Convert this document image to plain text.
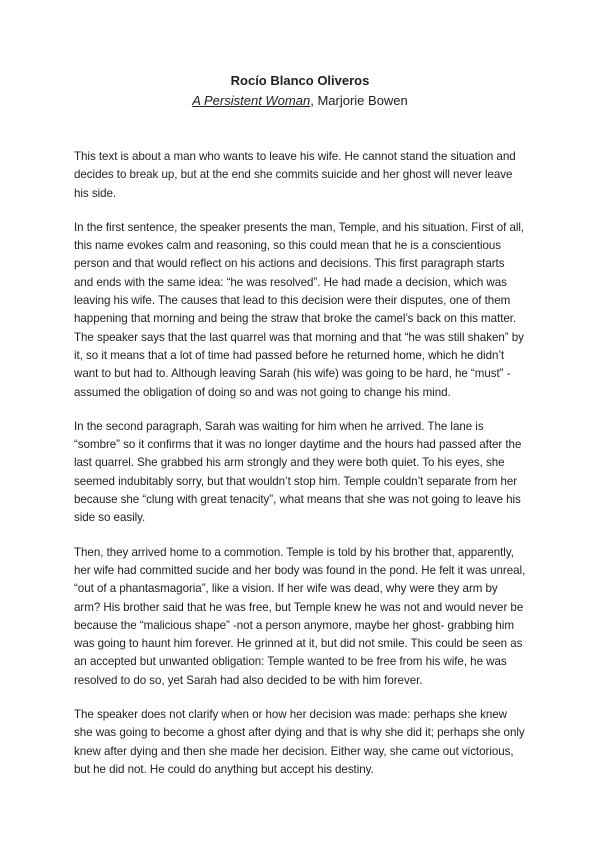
Rocío Blanco Oliveros
A Persistent Woman, Marjorie Bowen

This text is about a man who wants to leave his wife. He cannot stand the situation and decides to break up, but at the end she commits suicide and her ghost will never leave his side.

In the first sentence, the speaker presents the man, Temple, and his situation. First of all, this name evokes calm and reasoning, so this could mean that he is a conscientious person and that would reflect on his actions and decisions. This first paragraph starts and ends with the same idea: “he was resolved”. He had made a decision, which was leaving his wife. The causes that lead to this decision were their disputes, one of them happening that morning and being the straw that broke the camel’s back on this matter. The speaker says that the last quarrel was that morning and that “he was still shaken” by it, so it means that a lot of time had passed before he returned home, which he didn’t want to but had to. Although leaving Sarah (his wife) was going to be hard, he “must” - assumed the obligation of doing so and was not going to change his mind.

In the second paragraph, Sarah was waiting for him when he arrived. The lane is “sombre” so it confirms that it was no longer daytime and the hours had passed after the last quarrel. She grabbed his arm strongly and they were both quiet. To his eyes, she seemed indubitably sorry, but that wouldn’t stop him. Temple couldn’t separate from her because she “clung with great tenacity”, what means that she was not going to leave his side so easily.

Then, they arrived home to a commotion. Temple is told by his brother that, apparently, her wife had committed sucide and her body was found in the pond. He felt it was unreal, “out of a phantasmagoria”, like a vision. If her wife was dead, why were they arm by arm? His brother said that he was free, but Temple knew he was not and would never be because the “malicious shape” -not a person anymore, maybe her ghost- grabbing him was going to haunt him forever. He grinned at it, but did not smile. This could be seen as an accepted but unwanted obligation: Temple wanted to be free from his wife, he was resolved to do so, yet Sarah had also decided to be with him forever.

The speaker does not clarify when or how her decision was made: perhaps she knew she was going to become a ghost after dying and that is why she did it; perhaps she only knew after dying and then she made her decision. Either way, she came out victorious, but he did not. He could do anything but accept his destiny.
